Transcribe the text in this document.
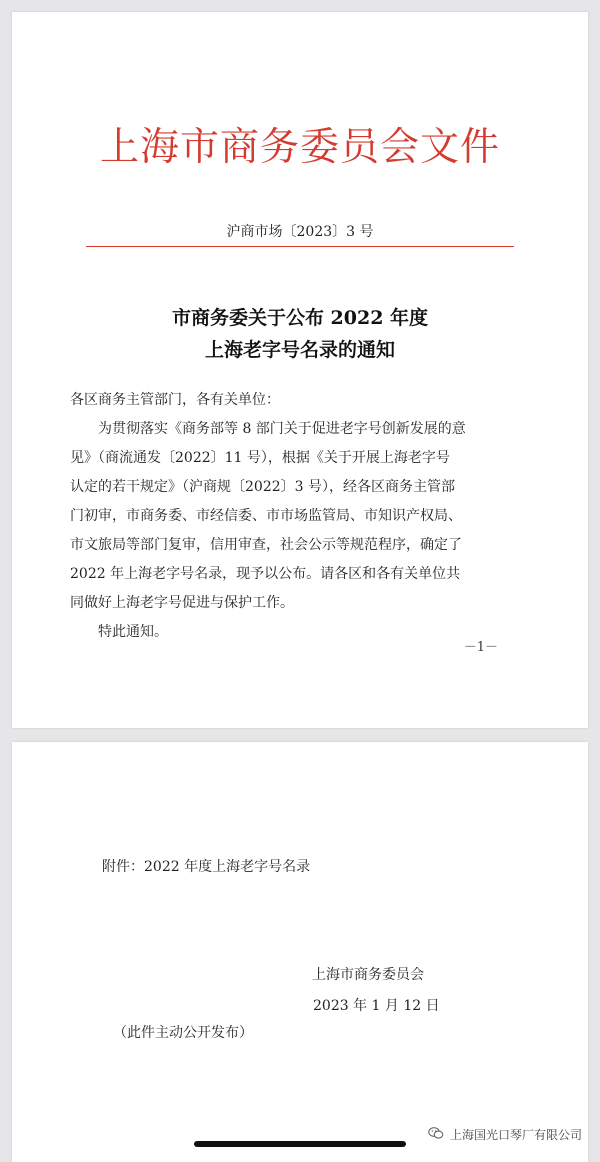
上海市商务委员会文件
沪商市场〔2023〕3 号
市商务委关于公布 2022 年度
上海老字号名录的通知

各区商务主管部门，各有关单位：

为贯彻落实《商务部等 8 部门关于促进老字号创新发展的意

见》（商流通发〔2022〕11 号），根据《关于开展上海老字号

认定的若干规定》（沪商规〔2022〕3 号），经各区商务主管部

门初审，市商务委、市经信委、市市场监管局、市知识产权局、

市文旅局等部门复审，信用审查，社会公示等规范程序，确定了

2022 年上海老字号名录，现予以公布。请各区和各有关单位共

同做好上海老字号促进与保护工作。

特此通知。

－1－
附件：2022 年度上海老字号名录
上海市商务委员会
2023 年 1 月 12 日
（此件主动公开发布）
上海国光口琴厂有限公司
